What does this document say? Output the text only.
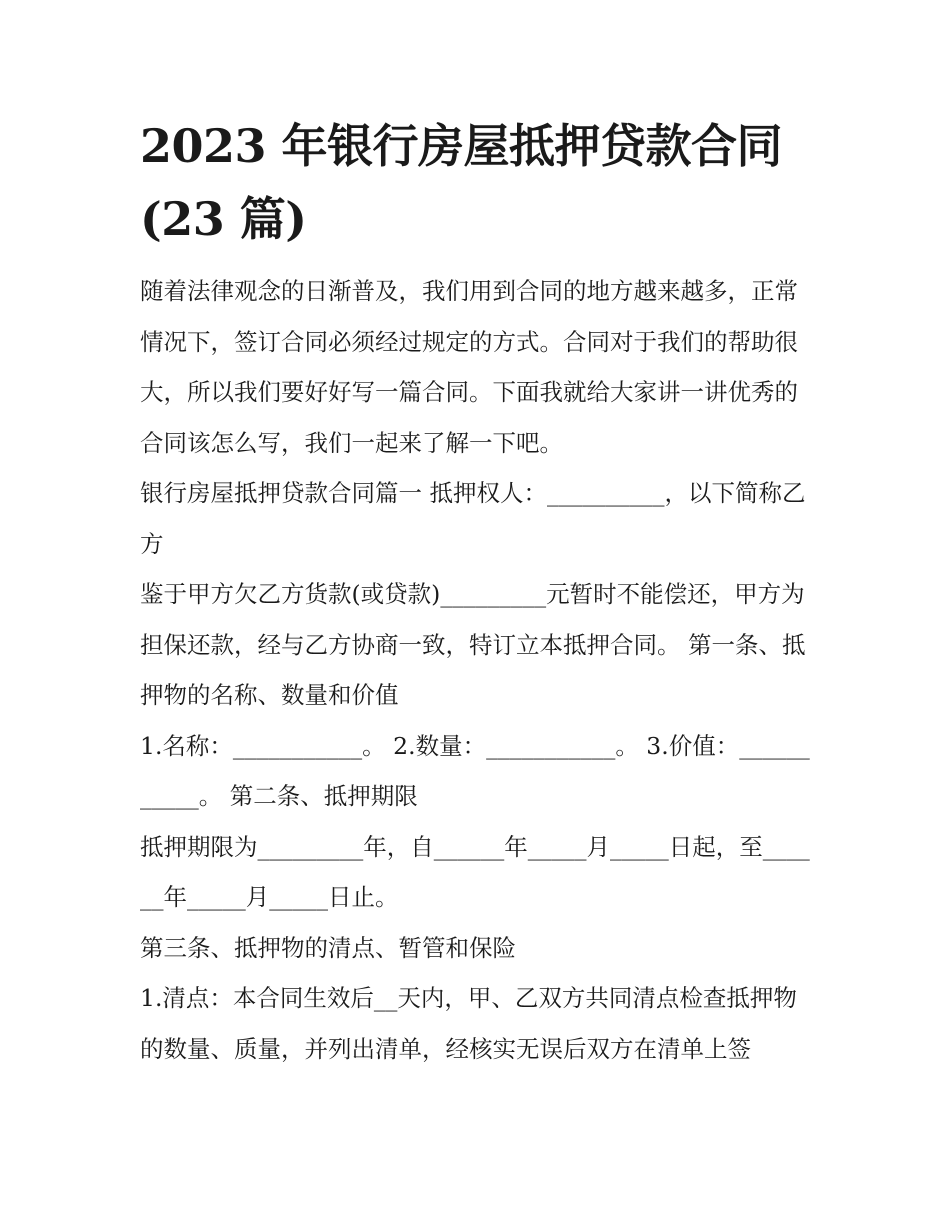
2023 年银行房屋抵押贷款合同(23 篇)

随着法律观念的日渐普及，我们用到合同的地方越来越多，正常情况下，签订合同必须经过规定的方式。合同对于我们的帮助很大，所以我们要好好写一篇合同。下面我就给大家讲一讲优秀的合同该怎么写，我们一起来了解一下吧。

银行房屋抵押贷款合同篇一 抵押权人：__________，以下简称乙方

鉴于甲方欠乙方货款(或贷款)_________元暂时不能偿还，甲方为担保还款，经与乙方协商一致，特订立本抵押合同。 第一条、抵押物的名称、数量和价值

1.名称：___________。 2.数量：___________。 3.价值：___________。 第二条、抵押期限

抵押期限为_________年，自______年_____月_____日起，至______年_____月_____日止。

第三条、抵押物的清点、暂管和保险

1.清点：本合同生效后__天内，甲、乙双方共同清点检查抵押物的数量、质量，并列出清单，经核实无误后双方在清单上签
